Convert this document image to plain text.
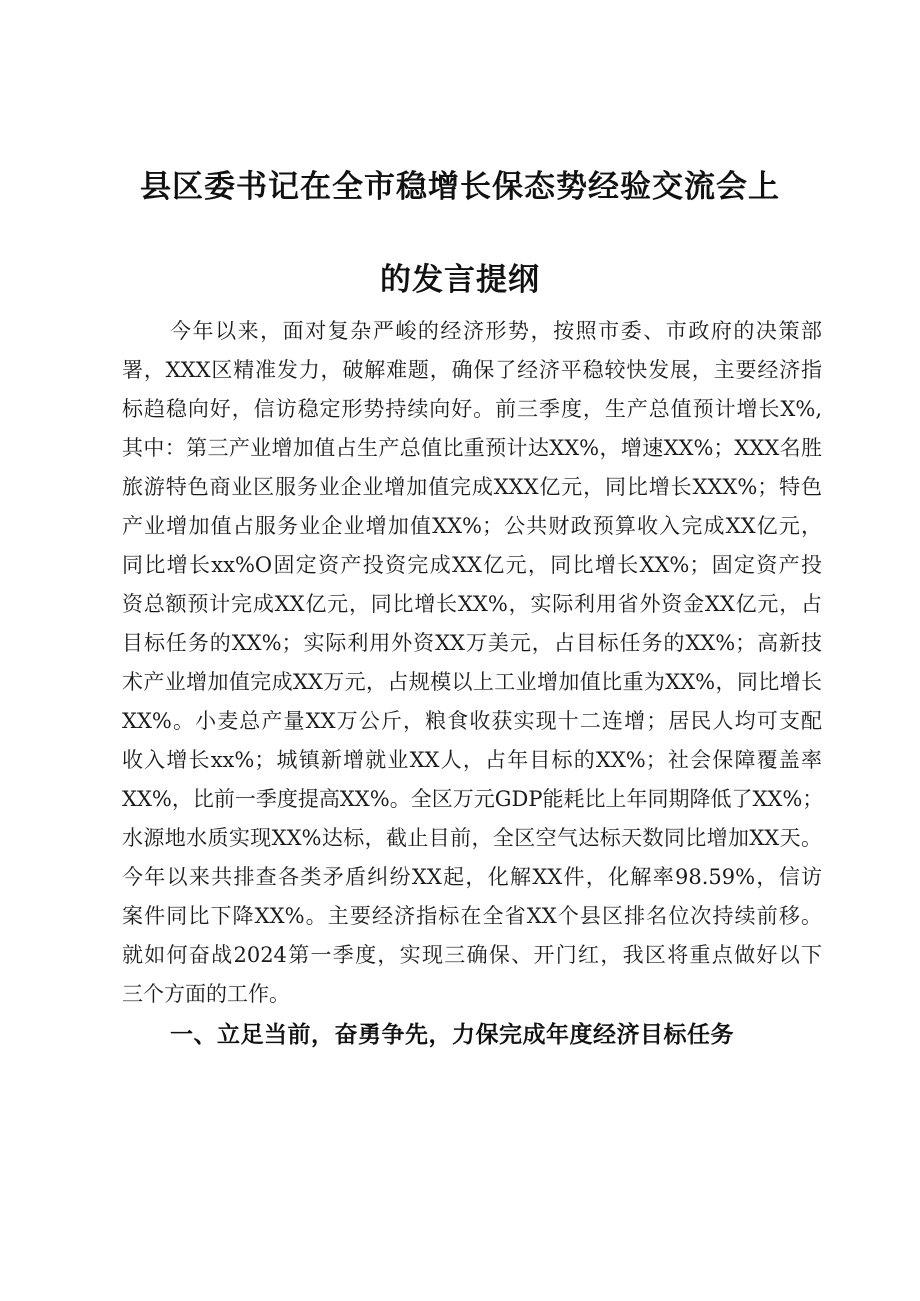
县区委书记在全市稳增长保态势经验交流会上
的发言提纲
今年以来，面对复杂严峻的经济形势，按照市委、市政府的决策部
署，XXX区精准发力，破解难题，确保了经济平稳较快发展，主要经济指
标趋稳向好，信访稳定形势持续向好。前三季度，生产总值预计增长X%,
其中：第三产业增加值占生产总值比重预计达XX%，增速XX%；XXX名胜
旅游特色商业区服务业企业增加值完成XXX亿元，同比增长XXX%；特色
产业增加值占服务业企业增加值XX%；公共财政预算收入完成XX亿元，
同比增长xx%O固定资产投资完成XX亿元，同比增长XX%；固定资产投
资总额预计完成XX亿元，同比增长XX%，实际利用省外资金XX亿元，占
目标任务的XX%；实际利用外资XX万美元，占目标任务的XX%；高新技
术产业增加值完成XX万元，占规模以上工业增加值比重为XX%，同比增长
XX%。小麦总产量XX万公斤，粮食收获实现十二连增；居民人均可支配
收入增长xx%；城镇新增就业XX人，占年目标的XX%；社会保障覆盖率
XX%，比前一季度提高XX%。全区万元GDP能耗比上年同期降低了XX%；
水源地水质实现XX%达标，截止目前，全区空气达标天数同比增加XX天。
今年以来共排查各类矛盾纠纷XX起，化解XX件，化解率98.59%，信访
案件同比下降XX%。主要经济指标在全省XX个县区排名位次持续前移。
就如何奋战2024第一季度，实现三确保、开门红，我区将重点做好以下
三个方面的工作。
一、立足当前，奋勇争先，力保完成年度经济目标任务
